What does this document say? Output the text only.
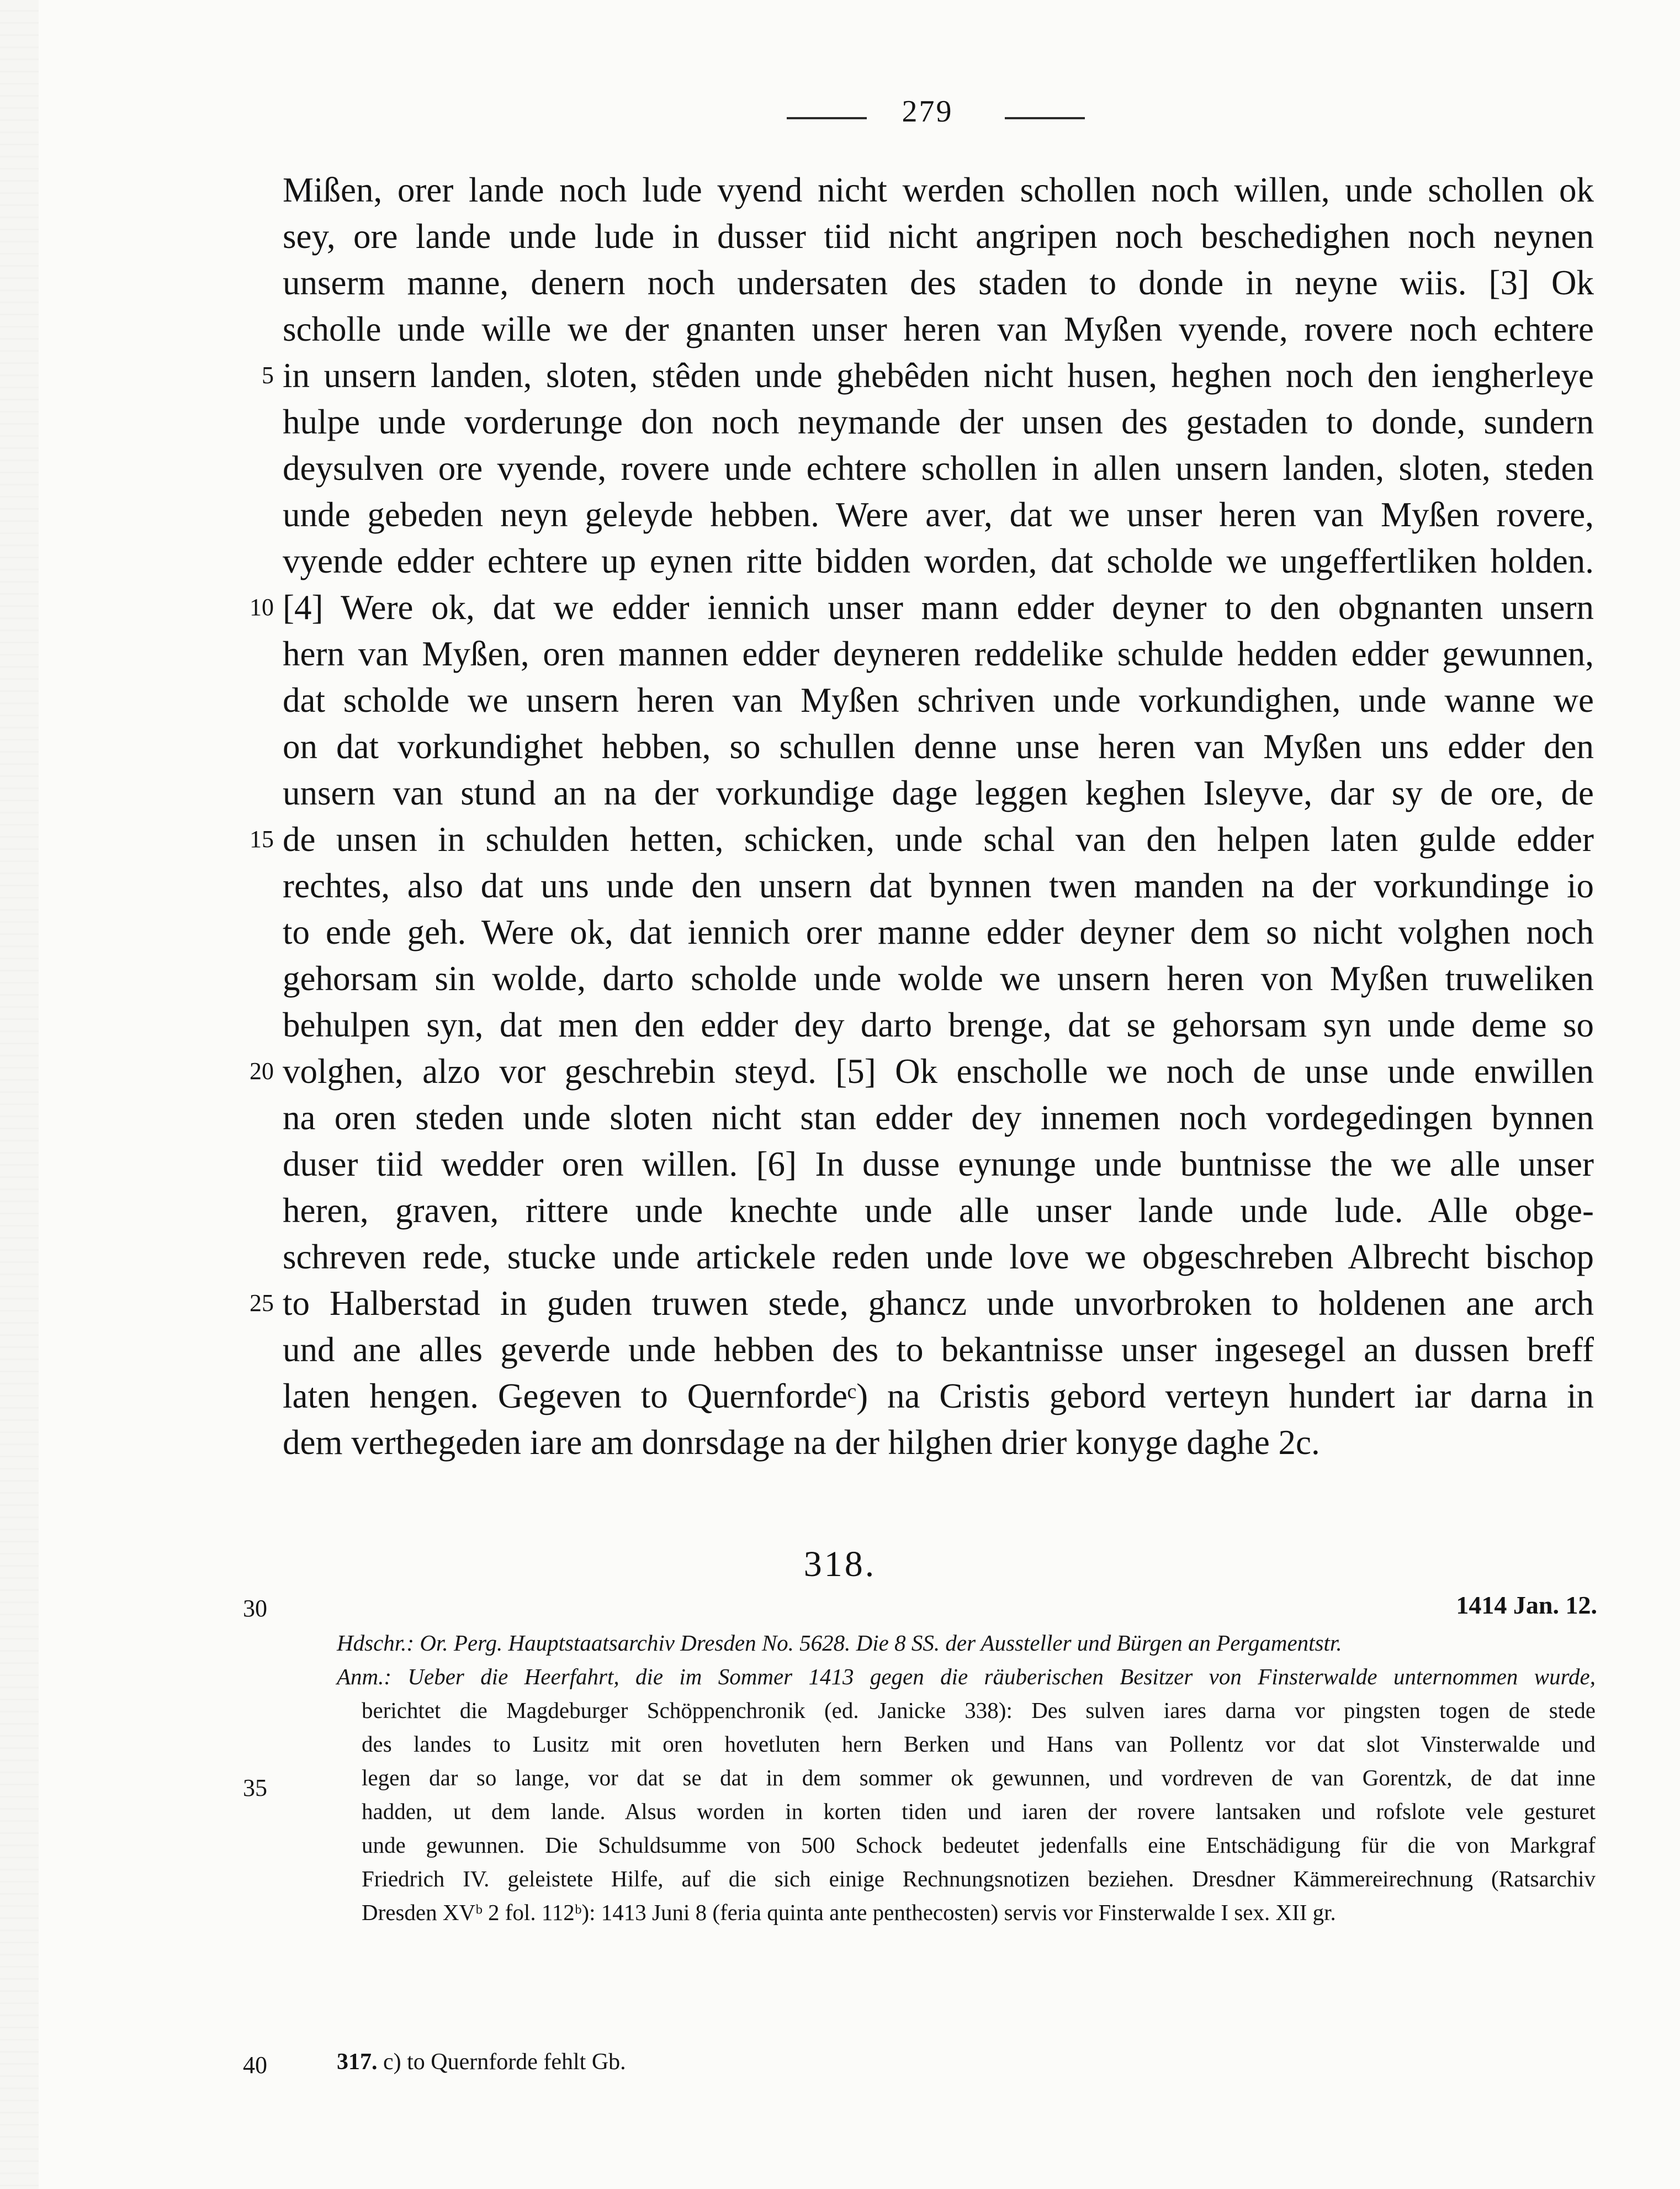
279
Mißen, orer lande noch lude vyend nicht werden schollen noch willen, unde schollen ok
sey, ore lande unde lude in dusser tiid nicht angripen noch beschedighen noch neynen
unserm manne, denern noch undersaten des staden to donde in neyne wiis. [3] Ok
scholle unde wille we der gnanten unser heren van Myßen vyende, rovere noch echtere
in unsern landen, sloten, stêden unde ghebêden nicht husen, heghen noch den iengherleye
hulpe unde vorderunge don noch neymande der unsen des gestaden to donde, sundern
deysulven ore vyende, rovere unde echtere schollen in allen unsern landen, sloten, steden
unde gebeden neyn geleyde hebben. Were aver, dat we unser heren van Myßen rovere,
vyende edder echtere up eynen ritte bidden worden, dat scholde we ungeffertliken holden.
[4] Were ok, dat we edder iennich unser mann edder deyner to den obgnanten unsern
hern van Myßen, oren mannen edder deyneren reddelike schulde hedden edder gewunnen,
dat scholde we unsern heren van Myßen schriven unde vorkundighen, unde wanne we
on dat vorkundighet hebben, so schullen denne unse heren van Myßen uns edder den
unsern van stund an na der vorkundige dage leggen keghen Isleyve, dar sy de ore, de
de unsen in schulden hetten, schicken, unde schal van den helpen laten gulde edder
rechtes, also dat uns unde den unsern dat bynnen twen manden na der vorkundinge io
to ende geh. Were ok, dat iennich orer manne edder deyner dem so nicht volghen noch
gehorsam sin wolde, darto scholde unde wolde we unsern heren von Myßen truweliken
behulpen syn, dat men den edder dey darto brenge, dat se gehorsam syn unde deme so
volghen, alzo vor geschrebin steyd. [5] Ok enschollе we noch de unse unde enwillen
na oren steden unde sloten nicht stan edder dey innemen noch vordegedingen bynnen
duser tiid wedder oren willen. [6] In dusse eynunge unde buntnisse the we alle unser
heren, graven, rittere unde knechte unde alle unser lande unde lude. Alle obge-
schreven rede, stucke unde artickele reden unde love we obgeschreben Albrecht bischop
to Halberstad in guden truwen stede, ghancz unde unvorbroken to holdenen ane arch
und ane alles geverde unde hebben des to bekantnisse unser ingesegel an dussen breff
laten hengen. Gegeven to Quernfordeᶜ) na Cristis gebord verteyn hundert iar darna in
dem verthegeden iare am donrsdage na der hilghen drier konyge daghe 2c.
5
10
15
20
25
318.
30	1414 Jan. 12.
Hdschr.: Or. Perg. Hauptstaatsarchiv Dresden No. 5628. Die 8 SS. der Aussteller und Bürgen an Pergamentstr.
Anm.: Ueber die Heerfahrt, die im Sommer 1413 gegen die räuberischen Besitzer von Finsterwalde unternommen wurde,
berichtet die Magdeburger Schöppenchronik (ed. Janicke 338): Des sulven iares darna vor pingsten togen de stede
des landes to Lusitz mit oren hovetluten hern Berken und Hans van Pollentz vor dat slot Vinsterwalde und
legen dar so lange, vor dat se dat in dem sommer ok gewunnen, und vordreven de van Gorentzk, de dat inne
hadden, ut dem lande. Alsus worden in korten tiden und iaren der rovere lantsaken und rofslote vele gesturet
unde gewunnen. Die Schuldsumme von 500 Schock bedeutet jedenfalls eine Entschädigung für die von Markgraf
Friedrich IV. geleistete Hilfe, auf die sich einige Rechnungsnotizen beziehen. Dresdner Kämmereirechnung (Ratsarchiv
Dresden XVᵇ 2 fol. 112ᵇ): 1413 Juni 8 (feria quinta ante penthecosten) servis vor Finsterwalde I sex. XII gr.
35
40	317. c) to Quernforde fehlt Gb.
